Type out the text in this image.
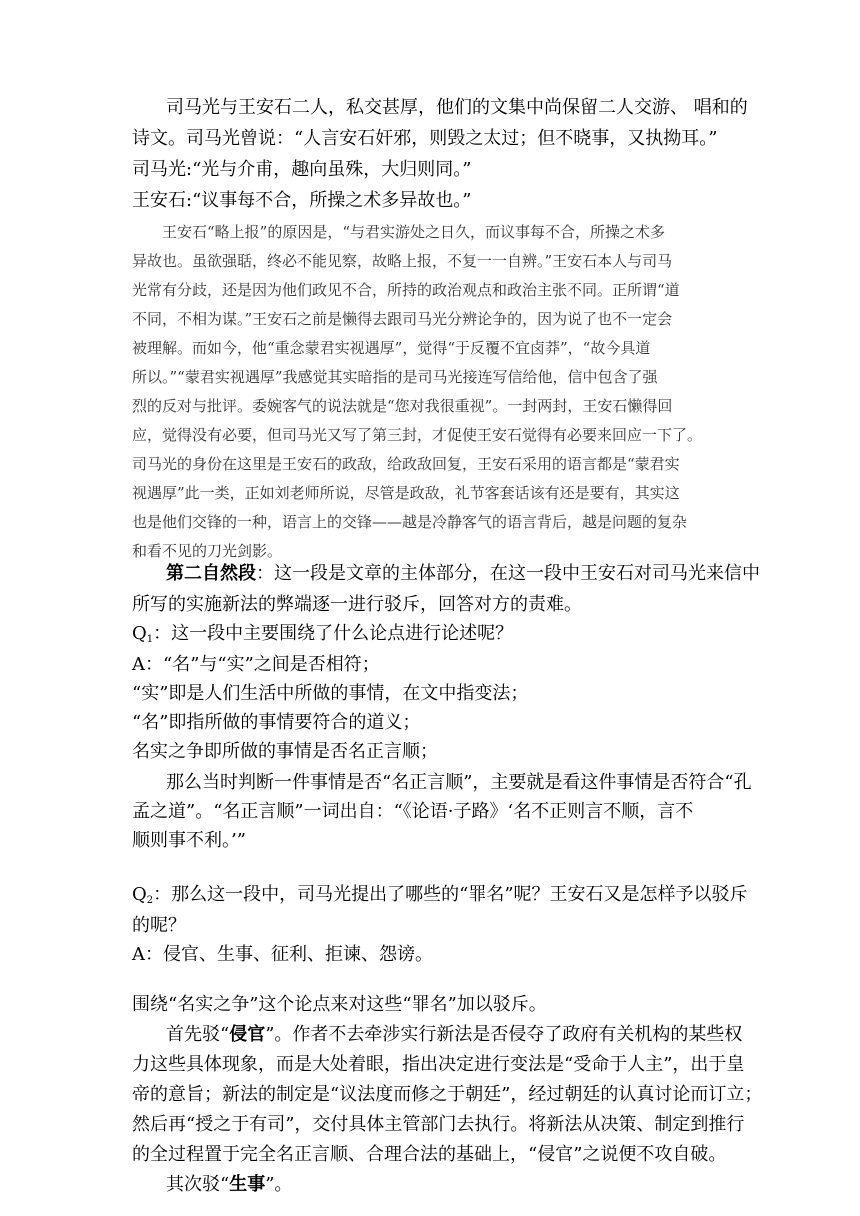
司马光与王安石二人，私交甚厚，他们的文集中尚保留二人交游、 唱和的
诗文。司马光曾说：“人言安石奸邪，则毁之太过；但不晓事，又执拗耳。”
司马光:“光与介甫，趣向虽殊，大归则同。”
王安石:“议事每不合，所操之术多异故也。”
王安石“略上报”的原因是，“与君实游处之日久，而议事每不合，所操之术多
异故也。虽欲强聒，终必不能见察，故略上报，不复一一自辨。”王安石本人与司马
光常有分歧，还是因为他们政见不合，所持的政治观点和政治主张不同。正所谓“道
不同，不相为谋。”王安石之前是懒得去跟司马光分辨论争的，因为说了也不一定会
被理解。而如今，他“重念蒙君实视遇厚”，觉得“于反覆不宜卤莽”，“故今具道
所以。”“蒙君实视遇厚”我感觉其实暗指的是司马光接连写信给他，信中包含了强
烈的反对与批评。委婉客气的说法就是“您对我很重视”。一封两封，王安石懒得回
应，觉得没有必要，但司马光又写了第三封，才促使王安石觉得有必要来回应一下了。
司马光的身份在这里是王安石的政敌，给政敌回复，王安石采用的语言都是“蒙君实
视遇厚”此一类，正如刘老师所说，尽管是政敌，礼节客套话该有还是要有，其实这
也是他们交锋的一种，语言上的交锋——越是冷静客气的语言背后，越是问题的复杂
和看不见的刀光剑影。
第二自然段：这一段是文章的主体部分，在这一段中王安石对司马光来信中
所写的实施新法的弊端逐一进行驳斥，回答对方的责难。
$Q_1$：这一段中主要围绕了什么论点进行论述呢？
A：“名”与“实”之间是否相符；
“实”即是人们生活中所做的事情，在文中指变法；
“名”即指所做的事情要符合的道义；
名实之争即所做的事情是否名正言顺；
那么当时判断一件事情是否“名正言顺”，主要就是看这件事情是否符合“孔
孟之道”。“名正言顺”一词出自：“《论语·子路》‘名不正则言不顺，言不
顺则事不利。’”
$Q_2$：那么这一段中，司马光提出了哪些的“罪名”呢？王安石又是怎样予以驳斥
的呢？
A：侵官、生事、征利、拒谏、怨谤。
围绕“名实之争”这个论点来对这些“罪名”加以驳斥。
首先驳“侵官”。作者不去牵涉实行新法是否侵夺了政府有关机构的某些权
力这些具体现象，而是大处着眼，指出决定进行变法是“受命于人主”，出于皇
帝的意旨；新法的制定是“议法度而修之于朝廷”，经过朝廷的认真讨论而订立；
然后再“授之于有司”，交付具体主管部门去执行。将新法从决策、制定到推行
的全过程置于完全名正言顺、合理合法的基础上，“侵官”之说便不攻自破。
其次驳“生事”。
